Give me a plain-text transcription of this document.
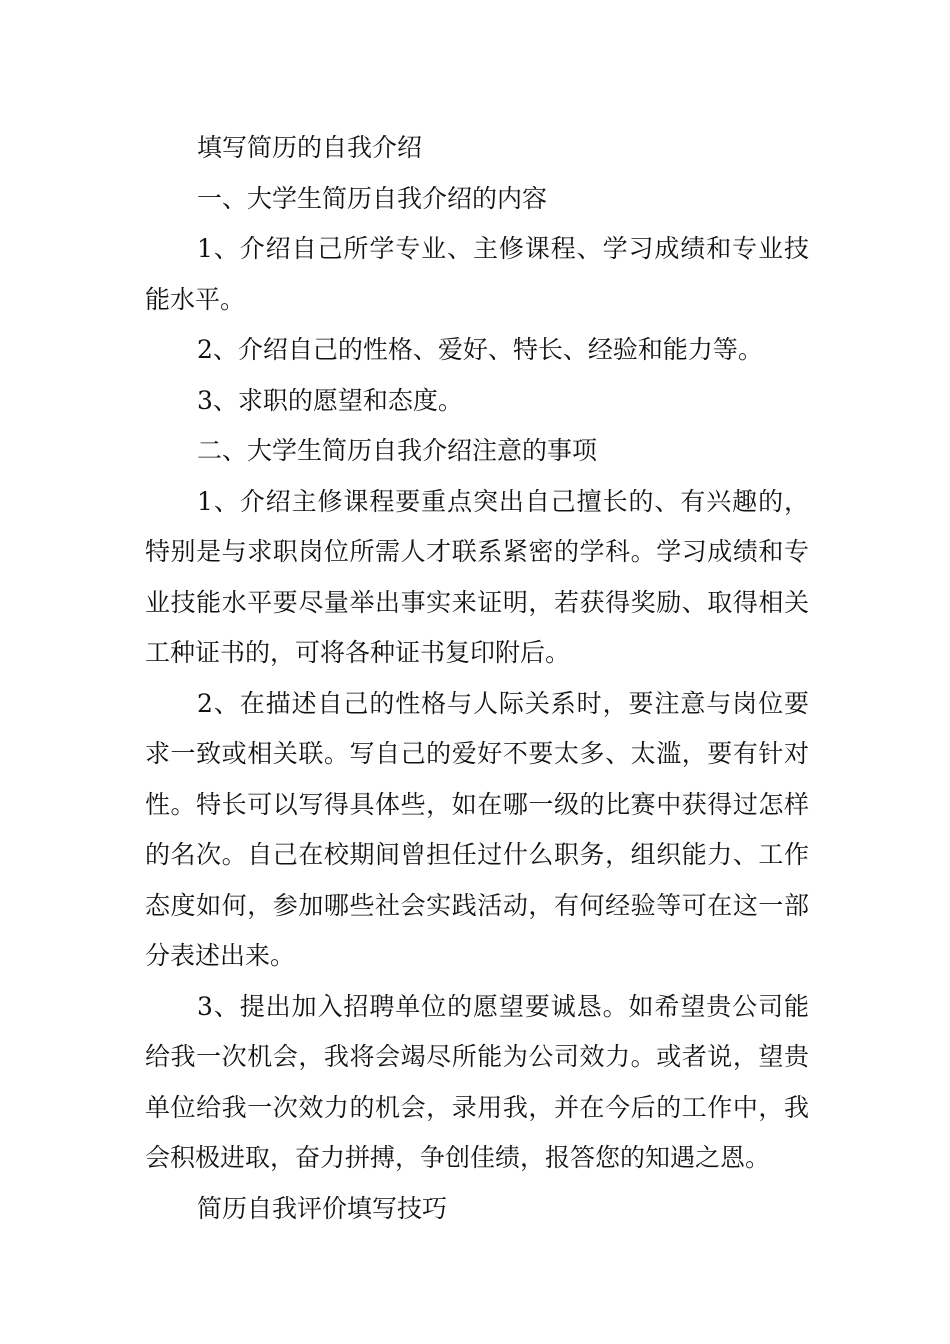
填写简历的自我介绍

一、大学生简历自我介绍的内容

1、介绍自己所学专业、主修课程、学习成绩和专业技能水平。

2、介绍自己的性格、爱好、特长、经验和能力等。

3、求职的愿望和态度。

二、大学生简历自我介绍注意的事项

1、介绍主修课程要重点突出自己擅长的、有兴趣的，特别是与求职岗位所需人才联系紧密的学科。学习成绩和专业技能水平要尽量举出事实来证明，若获得奖励、取得相关工种证书的，可将各种证书复印附后。

2、在描述自己的性格与人际关系时，要注意与岗位要求一致或相关联。写自己的爱好不要太多、太滥，要有针对性。特长可以写得具体些，如在哪一级的比赛中获得过怎样的名次。自己在校期间曾担任过什么职务，组织能力、工作态度如何，参加哪些社会实践活动，有何经验等可在这一部分表述出来。

3、提出加入招聘单位的愿望要诚恳。如希望贵公司能给我一次机会，我将会竭尽所能为公司效力。或者说，望贵单位给我一次效力的机会，录用我，并在今后的工作中，我会积极进取，奋力拼搏，争创佳绩，报答您的知遇之恩。

简历自我评价填写技巧
